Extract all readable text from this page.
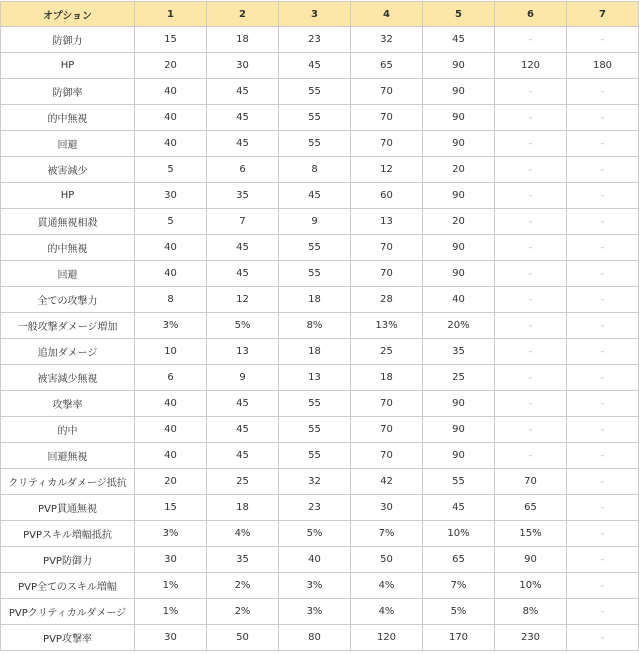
オプション	1	2	3	4	5	6	7
防御力	15	18	23	32	45	-	-
HP	20	30	45	65	90	120	180
防御率	40	45	55	70	90	-	-
的中無視	40	45	55	70	90	-	-
回避	40	45	55	70	90	-	-
被害減少	5	6	8	12	20	-	-
HP	30	35	45	60	90	-	-
貫通無視相殺	5	7	9	13	20	-	-
的中無視	40	45	55	70	90	-	-
回避	40	45	55	70	90	-	-
全ての攻撃力	8	12	18	28	40	-	-
一般攻撃ダメージ増加	3%	5%	8%	13%	20%	-	-
追加ダメージ	10	13	18	25	35	-	-
被害減少無視	6	9	13	18	25	-	-
攻撃率	40	45	55	70	90	-	-
的中	40	45	55	70	90	-	-
回避無視	40	45	55	70	90	-	-
クリティカルダメージ抵抗	20	25	32	42	55	70	-
PVP貫通無視	15	18	23	30	45	65	-
PVPスキル増幅抵抗	3%	4%	5%	7%	10%	15%	-
PVP防御力	30	35	40	50	65	90	-
PVP全てのスキル増幅	1%	2%	3%	4%	7%	10%	-
PVPクリティカルダメージ	1%	2%	3%	4%	5%	8%	-
PVP攻撃率	30	50	80	120	170	230	-
